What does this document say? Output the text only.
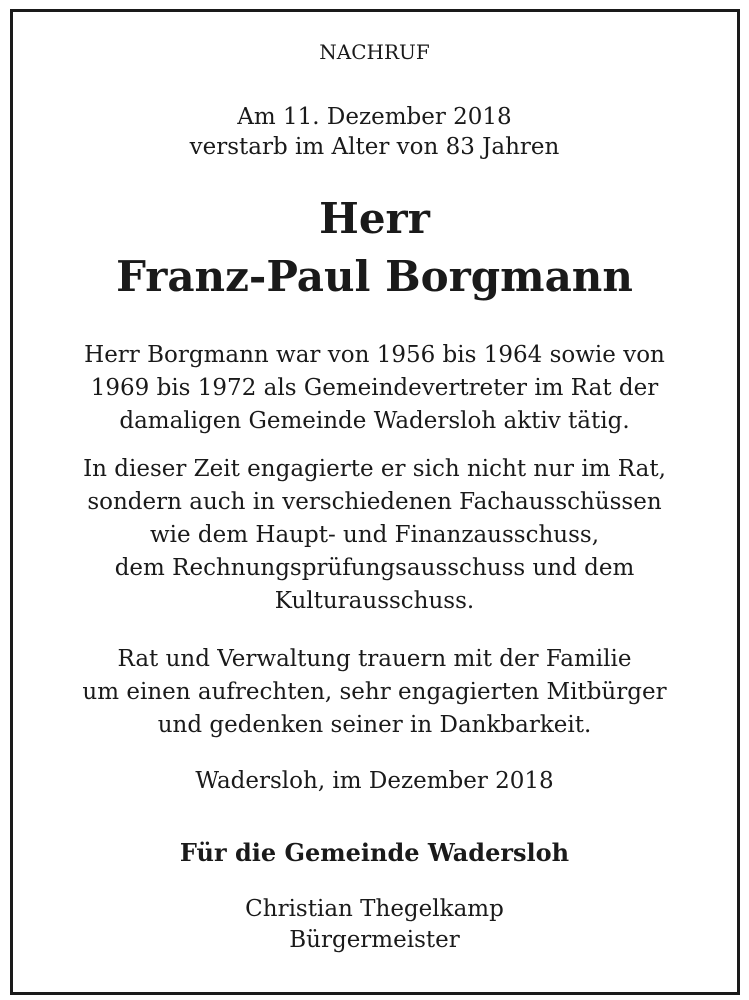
NACHRUF
Am 11. Dezember 2018
verstarb im Alter von 83 Jahren
Herr
Franz-Paul Borgmann
Herr Borgmann war von 1956 bis 1964 sowie von
1969 bis 1972 als Gemeindevertreter im Rat der
damaligen Gemeinde Wadersloh aktiv tätig.
In dieser Zeit engagierte er sich nicht nur im Rat,
sondern auch in verschiedenen Fachausschüssen
wie dem Haupt- und Finanzausschuss,
dem Rechnungsprüfungsausschuss und dem
Kulturausschuss.
Rat und Verwaltung trauern mit der Familie
um einen aufrechten, sehr engagierten Mitbürger
und gedenken seiner in Dankbarkeit.
Wadersloh, im Dezember 2018
Für die Gemeinde Wadersloh
Christian Thegelkamp
Bürgermeister
